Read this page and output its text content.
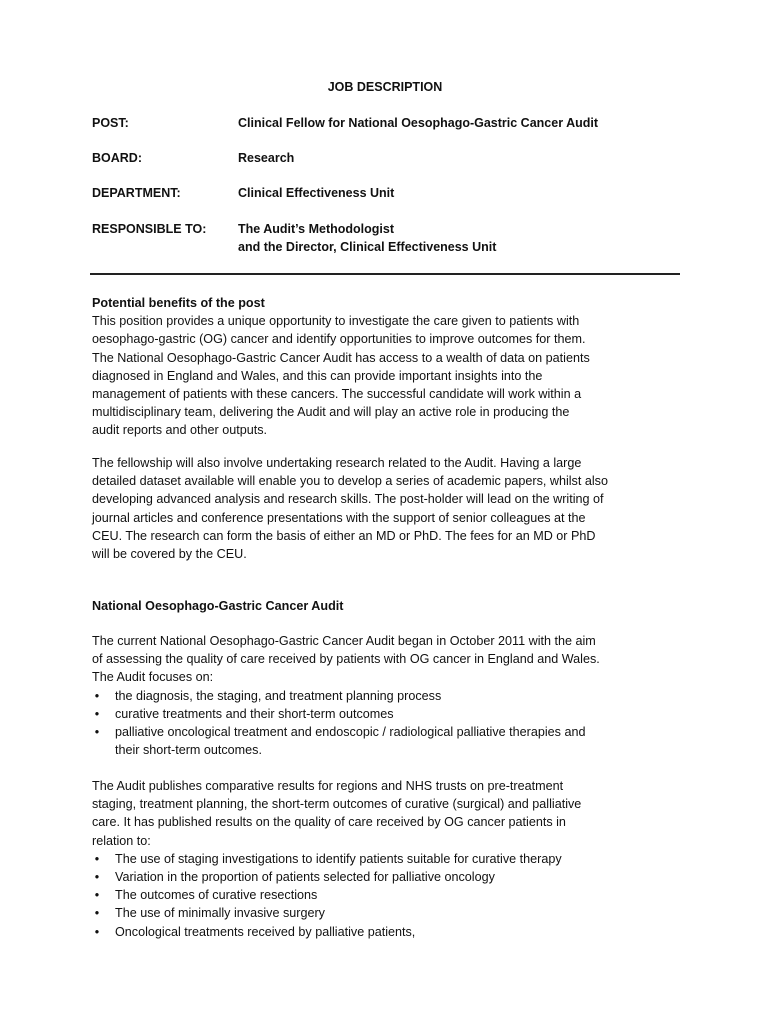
JOB DESCRIPTION
POST:	Clinical Fellow for National Oesophago-Gastric Cancer Audit
BOARD:	Research
DEPARTMENT:	Clinical Effectiveness Unit
RESPONSIBLE TO:	The Audit’s Methodologist
and the Director, Clinical Effectiveness Unit

Potential benefits of the post

This position provides a unique opportunity to investigate the care given to patients with
oesophago-gastric (OG) cancer and identify opportunities to improve outcomes for them.
The National Oesophago-Gastric Cancer Audit has access to a wealth of data on patients
diagnosed in England and Wales, and this can provide important insights into the
management of patients with these cancers. The successful candidate will work within a
multidisciplinary team, delivering the Audit and will play an active role in producing the
audit reports and other outputs.

The fellowship will also involve undertaking research related to the Audit. Having a large
detailed dataset available will enable you to develop a series of academic papers, whilst also
developing advanced analysis and research skills. The post-holder will lead on the writing of
journal articles and conference presentations with the support of senior colleagues at the
CEU. The research can form the basis of either an MD or PhD. The fees for an MD or PhD
will be covered by the CEU.
National Oesophago-Gastric Cancer Audit
The current National Oesophago-Gastric Cancer Audit began in October 2011 with the aim
of assessing the quality of care received by patients with OG cancer in England and Wales.
The Audit focuses on:
• the diagnosis, the staging, and treatment planning process
• curative treatments and their short-term outcomes
• palliative oncological treatment and endoscopic / radiological palliative therapies and
their short-term outcomes.
The Audit publishes comparative results for regions and NHS trusts on pre-treatment
staging, treatment planning, the short-term outcomes of curative (surgical) and palliative
care. It has published results on the quality of care received by OG cancer patients in
relation to:
• The use of staging investigations to identify patients suitable for curative therapy
• Variation in the proportion of patients selected for palliative oncology
• The outcomes of curative resections
• The use of minimally invasive surgery
• Oncological treatments received by palliative patients,
